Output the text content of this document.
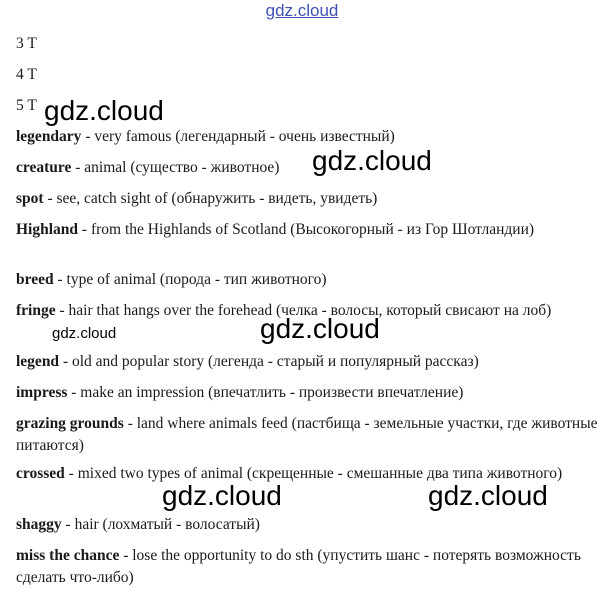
gdz.cloud
3 T
4 T
5 T
legendary - very famous (легендарный - очень известный)
creature - animal (существо - животное)
spot - see, catch sight of (обнаружить - видеть, увидеть)
Highland - from the Highlands of Scotland (Высокогорный - из Гор Шотландии)
breed - type of animal (порода - тип животного)
fringe - hair that hangs over the forehead (челка - волосы, который свисают на лоб)
legend - old and popular story (легенда - старый и популярный рассказ)
impress - make an impression (впечатлить - произвести впечатление)
grazing grounds - land where animals feed (пастбища - земельные участки, где животные питаются)
crossed - mixed two types of animal (скрещенные - смешанные два типа животного)
shaggy - hair (лохматый - волосатый)
miss the chance - lose the opportunity to do sth (упустить шанс - потерять возможность сделать что-либо)
gdz.cloud
gdz.cloud
gdz.cloud	gdz.cloud
gdz.cloud	gdz.cloud
